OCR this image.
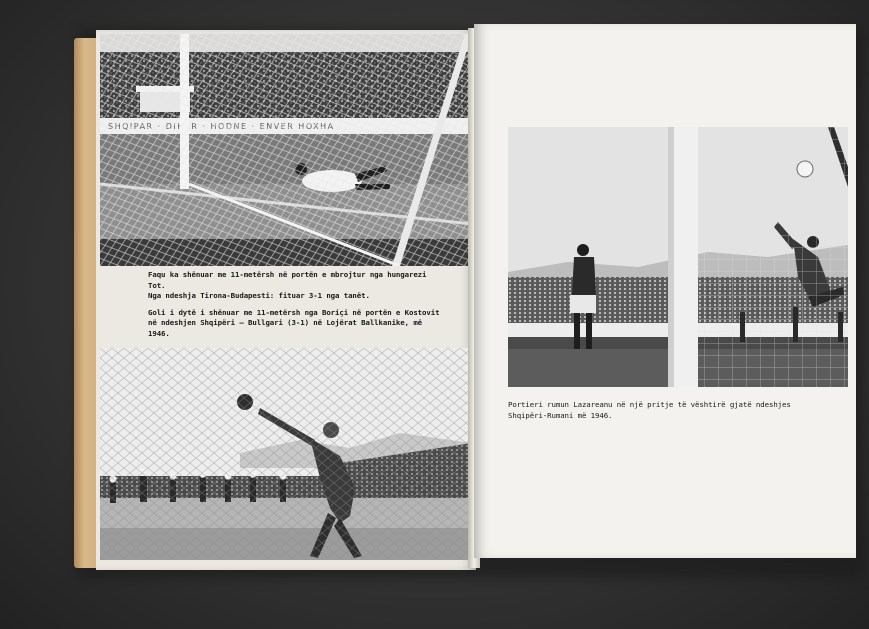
Faqu ka shënuar me 11-metërsh në portën e mbrojtur nga hungarezi Tot.
Nga ndeshja Tirona-Budapesti: fituar 3-1 nga tanët.

Goli i dytë i shënuar me 11-metërsh nga Boriçi në portën e Kostovit në ndeshjen Shqipëri – Bullgari (3-1) në Lojërat Ballkanike, më 1946.

Portieri rumun Lazareanu në një pritje të vështirë gjatë ndeshjes Shqipëri-Rumani më 1946.
